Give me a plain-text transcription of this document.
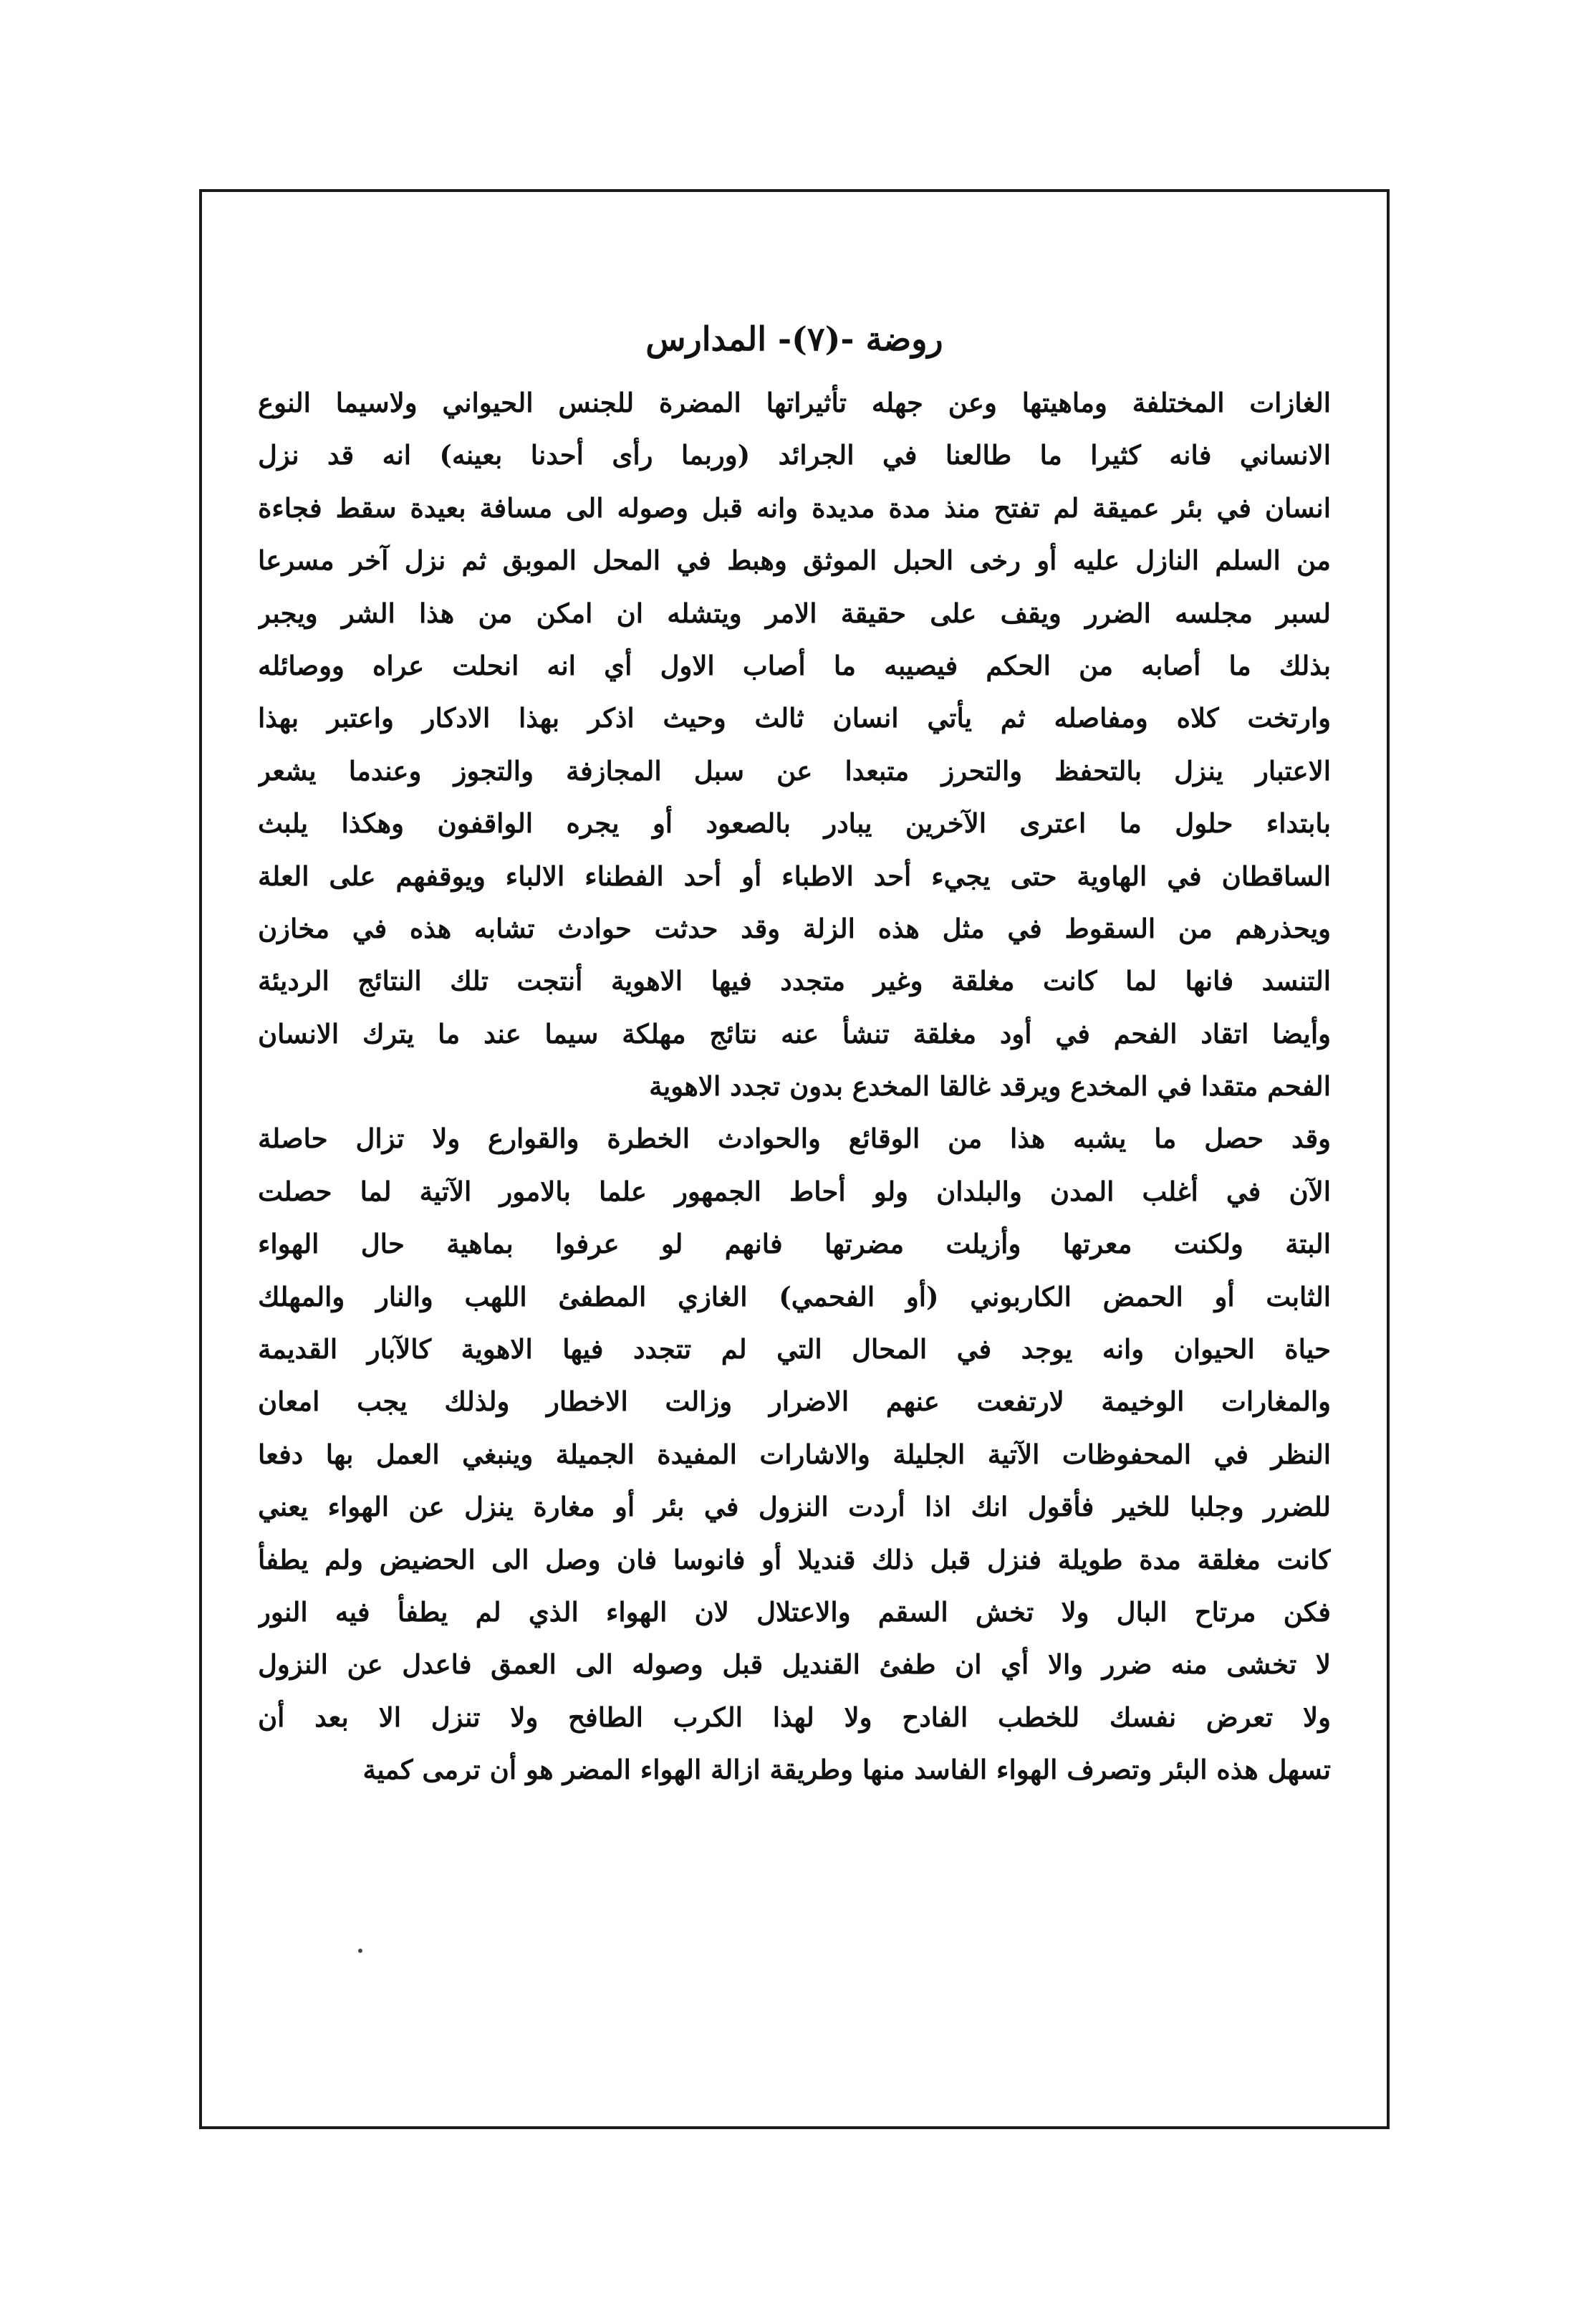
روضة -(٧)- المدارس
الغازات المختلفة وماهيتها وعن جهله تأثيراتها المضرة للجنس الحيواني ولاسيما النوع
الانساني فانه كثيرا ما طالعنا في الجرائد (وربما رأى أحدنا بعينه) انه قد نزل
انسان في بئر عميقة لم تفتح منذ مدة مديدة وانه قبل وصوله الى مسافة بعيدة سقط فجاءة
من السلم النازل عليه أو رخى الحبل الموثق وهبط في المحل الموبق ثم نزل آخر مسرعا
لسبر مجلسه الضرر ويقف على حقيقة الامر ويتشله ان امكن من هذا الشر ويجبر
بذلك ما أصابه من الحكم فيصيبه ما أصاب الاول أي انه انحلت عراه ووصائله
وارتخت كلاه ومفاصله ثم يأتي انسان ثالث وحيث اذكر بهذا الادكار واعتبر بهذا
الاعتبار ينزل بالتحفظ والتحرز متبعدا عن سبل المجازفة والتجوز وعندما يشعر
بابتداء حلول ما اعترى الآخرين يبادر بالصعود أو يجره الواقفون وهكذا يلبث
الساقطان في الهاوية حتى يجيء أحد الاطباء أو أحد الفطناء الالباء ويوقفهم على العلة
ويحذرهم من السقوط في مثل هذه الزلة وقد حدثت حوادث تشابه هذه في مخازن
التنسد فانها لما كانت مغلقة وغير متجدد فيها الاهوية أنتجت تلك النتائج الرديئة
وأيضا اتقاد الفحم في أود مغلقة تنشأ عنه نتائج مهلكة سيما عند ما يترك الانسان
الفحم متقدا في المخدع ويرقد غالقا المخدع بدون تجدد الاهوية
وقد حصل ما يشبه هذا من الوقائع والحوادث الخطرة والقوارع ولا تزال حاصلة
الآن في أغلب المدن والبلدان ولو أحاط الجمهور علما بالامور الآتية لما حصلت
البتة ولكنت معرتها وأزيلت مضرتها فانهم لو عرفوا بماهية حال الهواء
الثابت أو الحمض الكاربوني (أو الفحمي) الغازي المطفئ اللهب والنار والمهلك
حياة الحيوان وانه يوجد في المحال التي لم تتجدد فيها الاهوية كالآبار القديمة
والمغارات الوخيمة لارتفعت عنهم الاضرار وزالت الاخطار ولذلك يجب امعان
النظر في المحفوظات الآتية الجليلة والاشارات المفيدة الجميلة وينبغي العمل بها دفعا
للضرر وجلبا للخير فأقول انك اذا أردت النزول في بئر أو مغارة ينزل عن الهواء يعني
كانت مغلقة مدة طويلة فنزل قبل ذلك قنديلا أو فانوسا فان وصل الى الحضيض ولم يطفأ
فكن مرتاح البال ولا تخش السقم والاعتلال لان الهواء الذي لم يطفأ فيه النور
لا تخشى منه ضرر والا أي ان طفئ القنديل قبل وصوله الى العمق فاعدل عن النزول
ولا تعرض نفسك للخطب الفادح ولا لهذا الكرب الطافح ولا تنزل الا بعد أن
تسهل هذه البئر وتصرف الهواء الفاسد منها وطريقة ازالة الهواء المضر هو أن ترمى كمية
